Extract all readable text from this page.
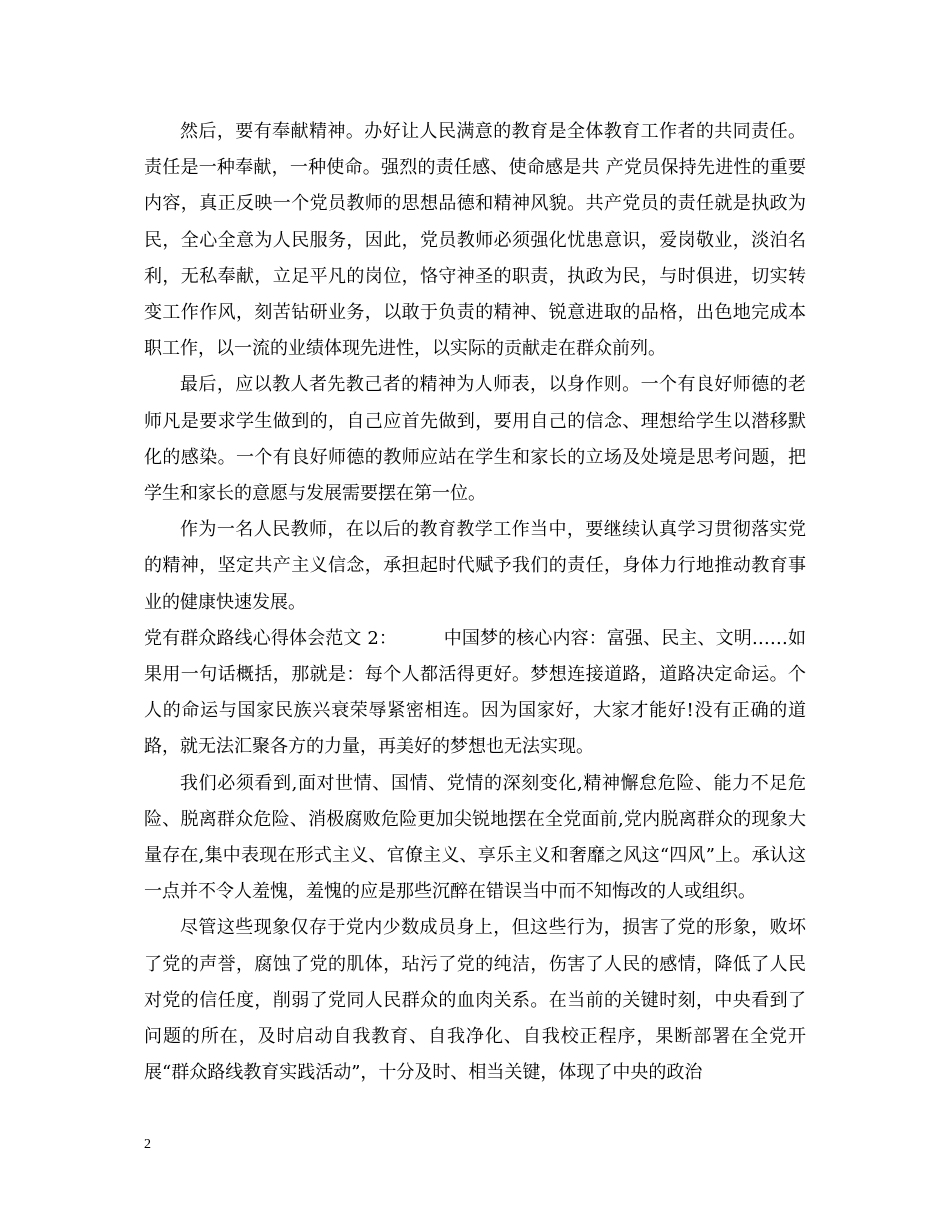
然后，要有奉献精神。办好让人民满意的教育是全体教育工作者的共同责任。责任是一种奉献，一种使命。强烈的责任感、使命感是共 产党员保持先进性的重要内容，真正反映一个党员教师的思想品德和精神风貌。共产党员的责任就是执政为民，全心全意为人民服务，因此，党员教师必须强化忧患意识，爱岗敬业，淡泊名利，无私奉献，立足平凡的岗位，恪守神圣的职责，执政为民，与时俱进，切实转变工作作风，刻苦钻研业务，以敢于负责的精神、锐意进取的品格，出色地完成本职工作，以一流的业绩体现先进性，以实际的贡献走在群众前列。

最后，应以教人者先教己者的精神为人师表，以身作则。一个有良好师德的老师凡是要求学生做到的，自己应首先做到，要用自己的信念、理想给学生以潜移默化的感染。一个有良好师德的教师应站在学生和家长的立场及处境是思考问题，把学生和家长的意愿与发展需要摆在第一位。

作为一名人民教师，在以后的教育教学工作当中，要继续认真学习贯彻落实党的精神，坚定共产主义信念，承担起时代赋予我们的责任，身体力行地推动教育事业的健康快速发展。

党有群众路线心得体会范文 2：        中国梦的核心内容：富强、民主、文明……如果用一句话概括，那就是：每个人都活得更好。梦想连接道路，道路决定命运。个人的命运与国家民族兴衰荣辱紧密相连。因为国家好，大家才能好!没有正确的道路，就无法汇聚各方的力量，再美好的梦想也无法实现。

我们必须看到,面对世情、国情、党情的深刻变化,精神懈怠危险、能力不足危险、脱离群众危险、消极腐败危险更加尖锐地摆在全党面前,党内脱离群众的现象大量存在,集中表现在形式主义、官僚主义、享乐主义和奢靡之风这“四风”上。承认这一点并不令人羞愧，羞愧的应是那些沉醉在错误当中而不知悔改的人或组织。

尽管这些现象仅存于党内少数成员身上，但这些行为，损害了党的形象，败坏了党的声誉，腐蚀了党的肌体，玷污了党的纯洁，伤害了人民的感情，降低了人民对党的信任度，削弱了党同人民群众的血肉关系。在当前的关键时刻，中央看到了问题的所在，及时启动自我教育、自我净化、自我校正程序，果断部署在全党开展“群众路线教育实践活动”，十分及时、相当关键，体现了中央的政治

2
